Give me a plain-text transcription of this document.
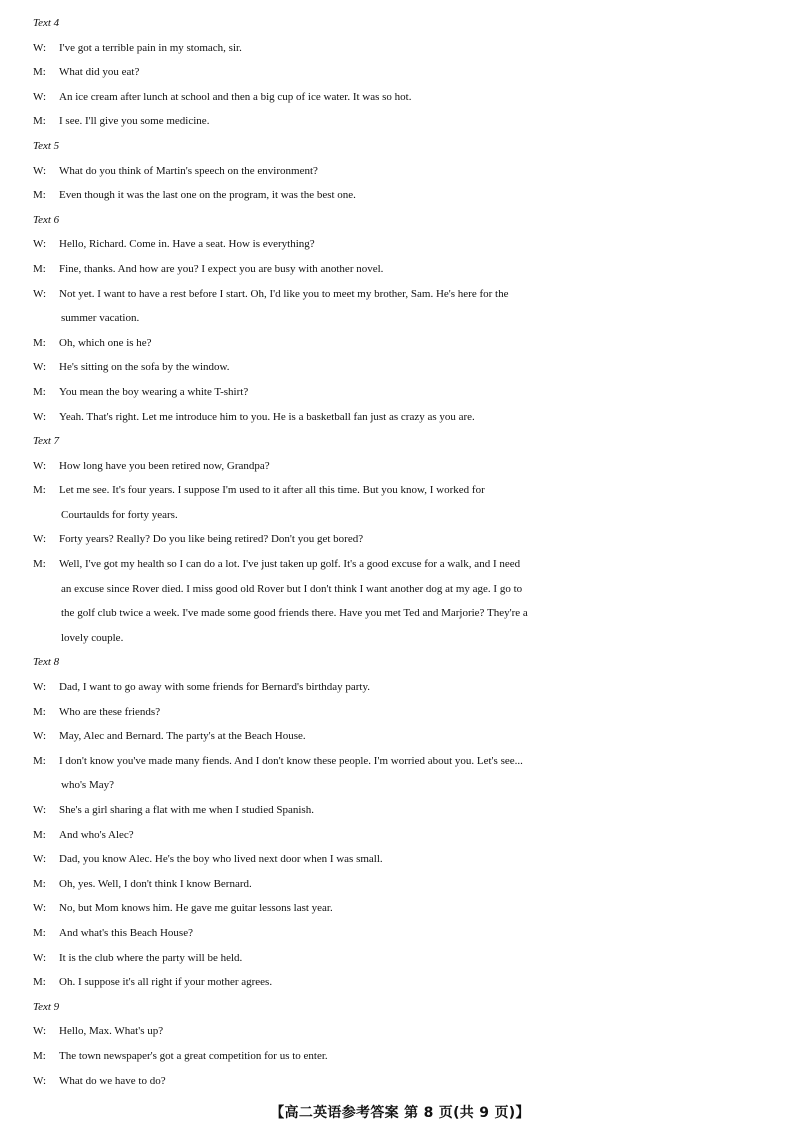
Text 4
W: I've got a terrible pain in my stomach, sir.
M: What did you eat?
W: An ice cream after lunch at school and then a big cup of ice water. It was so hot.
M: I see. I'll give you some medicine.
Text 5
W: What do you think of Martin's speech on the environment?
M: Even though it was the last one on the program, it was the best one.
Text 6
W: Hello, Richard. Come in. Have a seat. How is everything?
M: Fine, thanks. And how are you? I expect you are busy with another novel.
W: Not yet. I want to have a rest before I start. Oh, I'd like you to meet my brother, Sam. He's here for the
summer vacation.
M: Oh, which one is he?
W: He's sitting on the sofa by the window.
M: You mean the boy wearing a white T-shirt?
W: Yeah. That's right. Let me introduce him to you. He is a basketball fan just as crazy as you are.
Text 7
W: How long have you been retired now, Grandpa?
M: Let me see. It's four years. I suppose I'm used to it after all this time. But you know, I worked for
Courtaulds for forty years.
W: Forty years? Really? Do you like being retired? Don't you get bored?
M: Well, I've got my health so I can do a lot. I've just taken up golf. It's a good excuse for a walk, and I need
an excuse since Rover died. I miss good old Rover but I don't think I want another dog at my age. I go to
the golf club twice a week. I've made some good friends there. Have you met Ted and Marjorie? They're a
lovely couple.
Text 8
W: Dad, I want to go away with some friends for Bernard's birthday party.
M: Who are these friends?
W: May, Alec and Bernard. The party's at the Beach House.
M: I don't know you've made many fiends. And I don't know these people. I'm worried about you. Let's see...
who's May?
W: She's a girl sharing a flat with me when I studied Spanish.
M: And who's Alec?
W: Dad, you know Alec. He's the boy who lived next door when I was small.
M: Oh, yes. Well, I don't think I know Bernard.
W: No, but Mom knows him. He gave me guitar lessons last year.
M: And what's this Beach House?
W: It is the club where the party will be held.
M: Oh. I suppose it's all right if your mother agrees.
Text 9
W: Hello, Max. What's up?
M: The town newspaper's got a great competition for us to enter.
W: What do we have to do?
【高二英语参考答案 第 8 页(共 9 页)】
